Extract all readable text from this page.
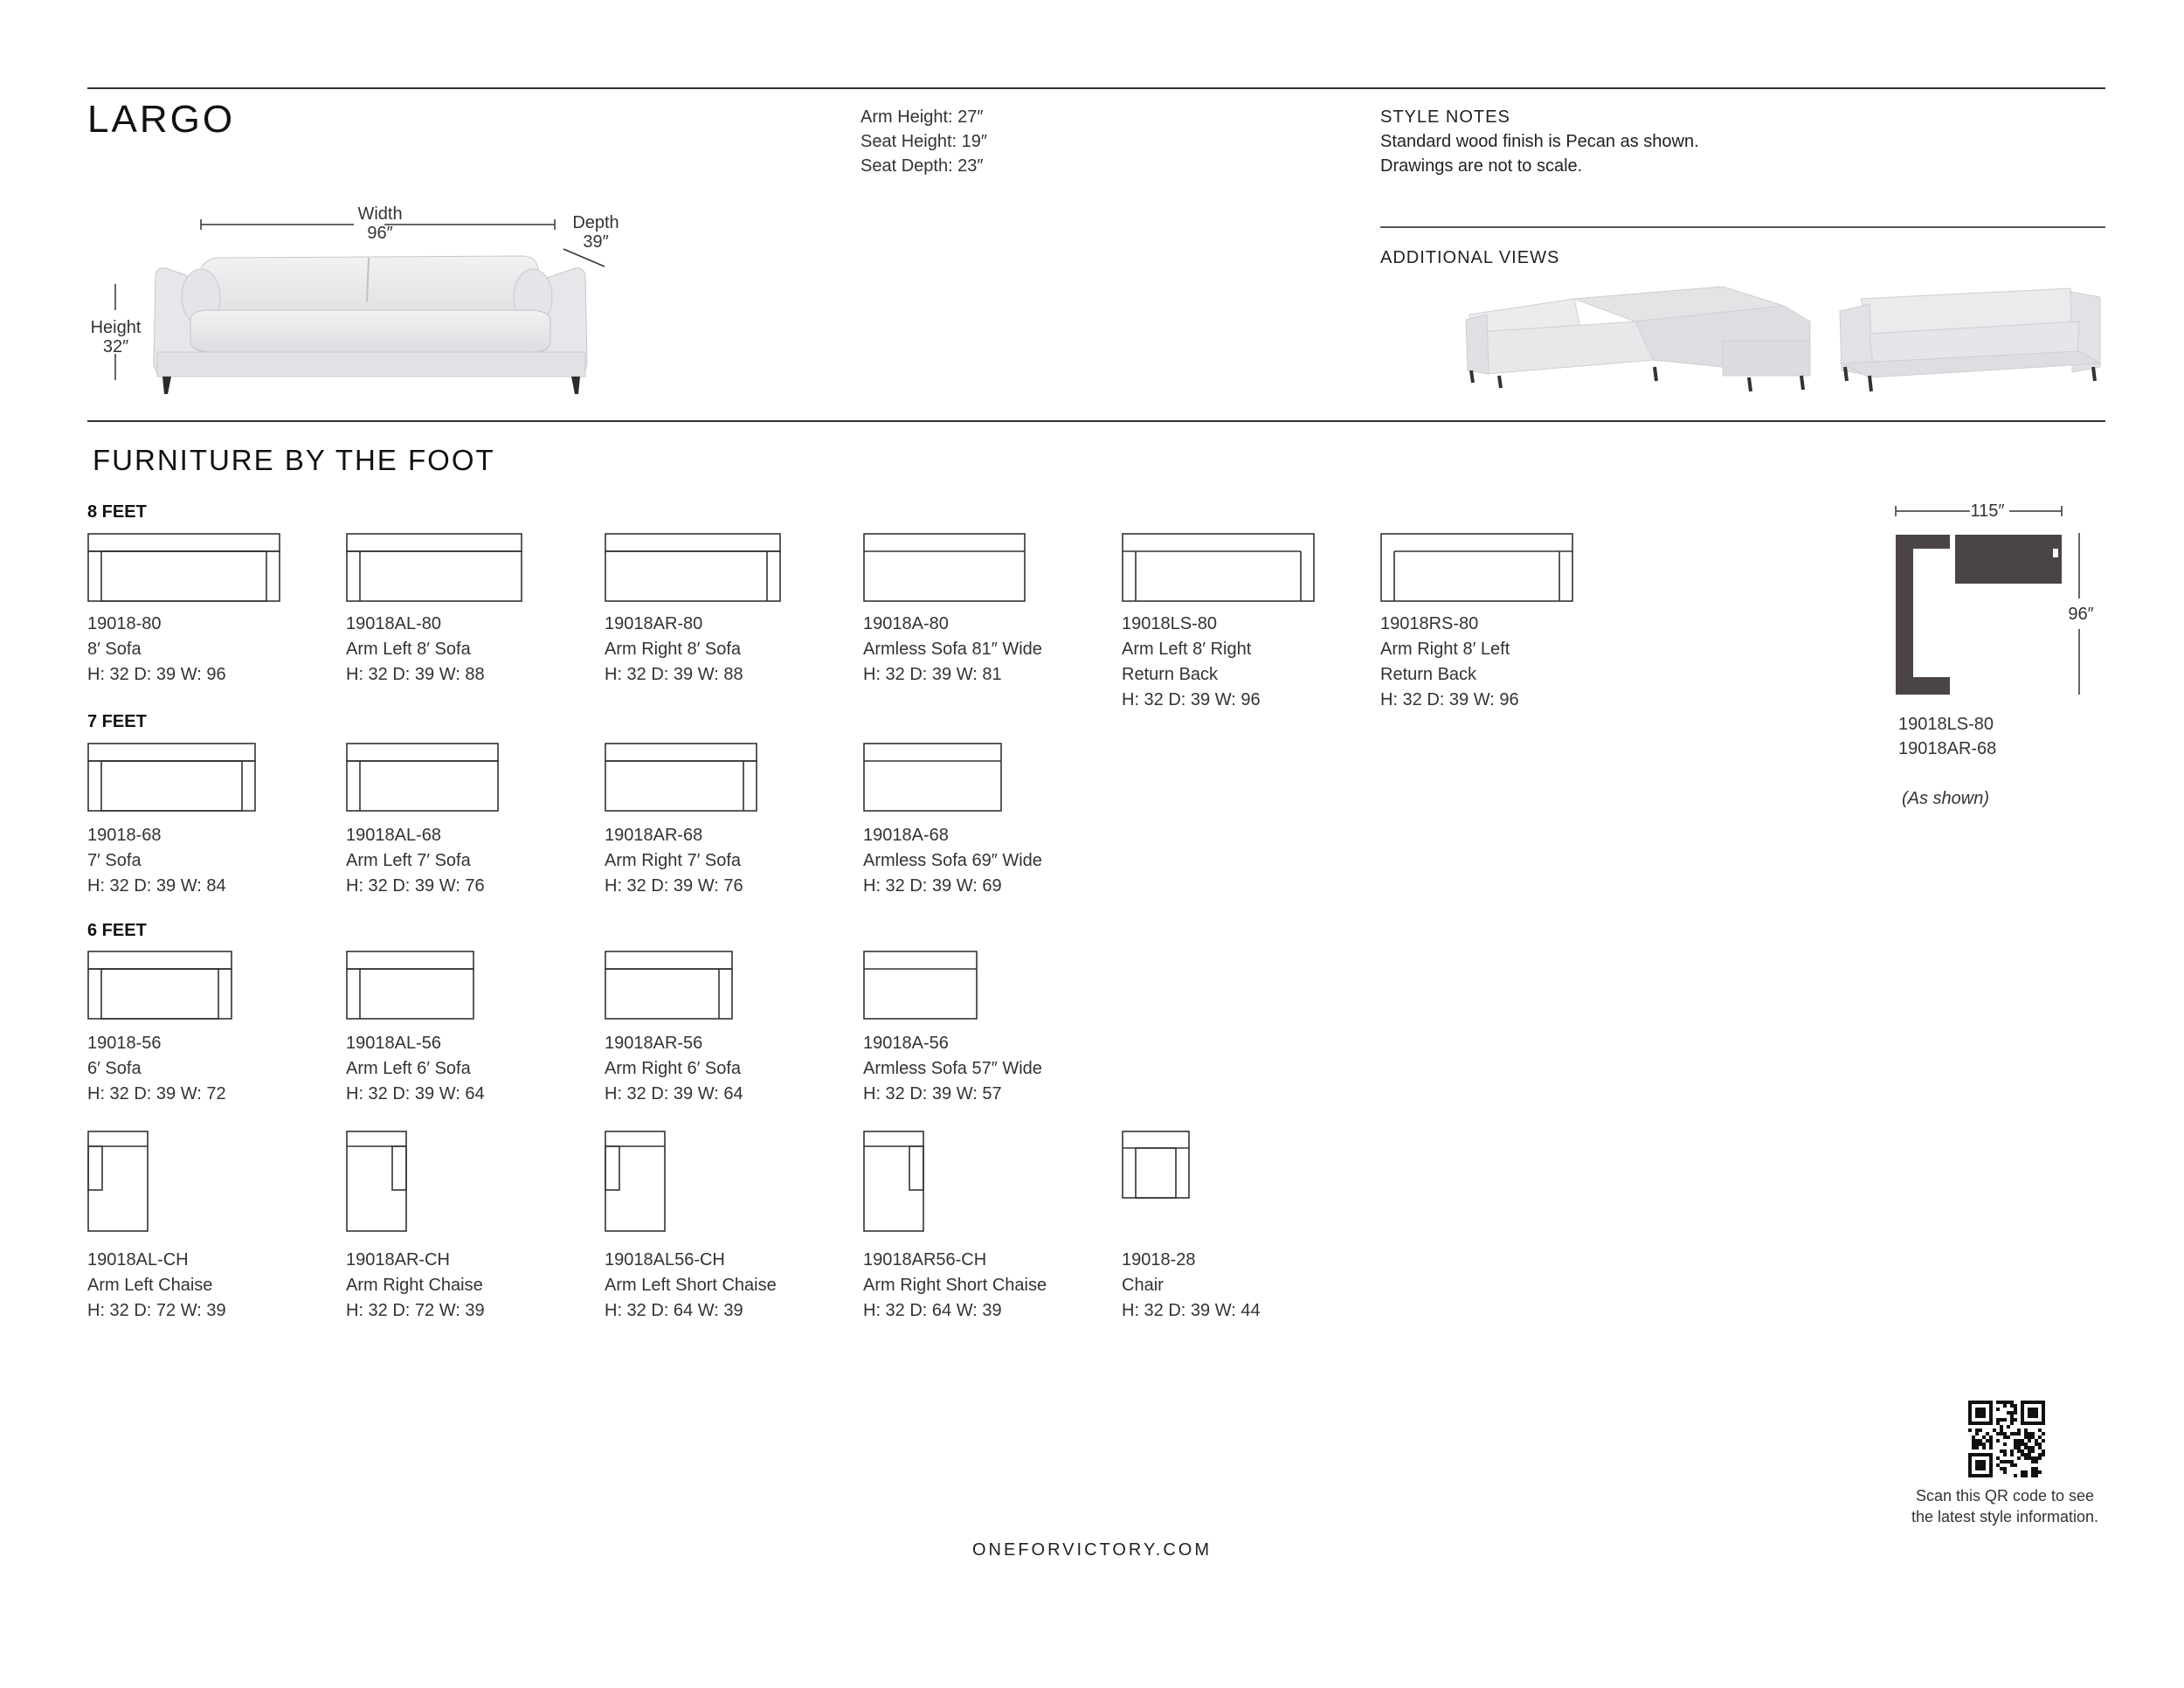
LARGO	Arm Height: 27″
Seat Height: 19″
Seat Depth: 23″
STYLE NOTES
Standard wood finish is Pecan as shown.
Drawings are not to scale.
ADDITIONAL VIEWS
Width
96″
Depth
39″
Height
32″
FURNITURE BY THE FOOT
8 FEET
7 FEET
6 FEET
19018-80
8′ Sofa
H: 32 D: 39 W: 96
19018AL-80
Arm Left 8′ Sofa
H: 32 D: 39 W: 88
19018AR-80
Arm Right 8′ Sofa
H: 32 D: 39 W: 88
19018A-80
Armless Sofa 81″ Wide
H: 32 D: 39 W: 81
19018LS-80
Arm Left 8′ Right
Return Back
H: 32 D: 39 W: 96
19018RS-80
Arm Right 8′ Left
Return Back
H: 32 D: 39 W: 96
19018-68
7′ Sofa
H: 32 D: 39 W: 84
19018AL-68
Arm Left 7′ Sofa
H: 32 D: 39 W: 76
19018AR-68
Arm Right 7′ Sofa
H: 32 D: 39 W: 76
19018A-68
Armless Sofa 69″ Wide
H: 32 D: 39 W: 69
19018-56
6′ Sofa
H: 32 D: 39 W: 72
19018AL-56
Arm Left 6′ Sofa
H: 32 D: 39 W: 64
19018AR-56
Arm Right 6′ Sofa
H: 32 D: 39 W: 64
19018A-56
Armless Sofa 57″ Wide
H: 32 D: 39 W: 57
19018AL-CH
Arm Left Chaise
H: 32 D: 72 W: 39
19018AR-CH
Arm Right Chaise
H: 32 D: 72 W: 39
19018AL56-CH
Arm Left Short Chaise
H: 32 D: 64 W: 39
19018AR56-CH
Arm Right Short Chaise
H: 32 D: 64 W: 39
19018-28
Chair
H: 32 D: 39 W: 44
115″
96″
19018LS-80
19018AR-68
(As shown)
Scan this QR code to see
the latest style information.
ONEFORVICTORY.COM
